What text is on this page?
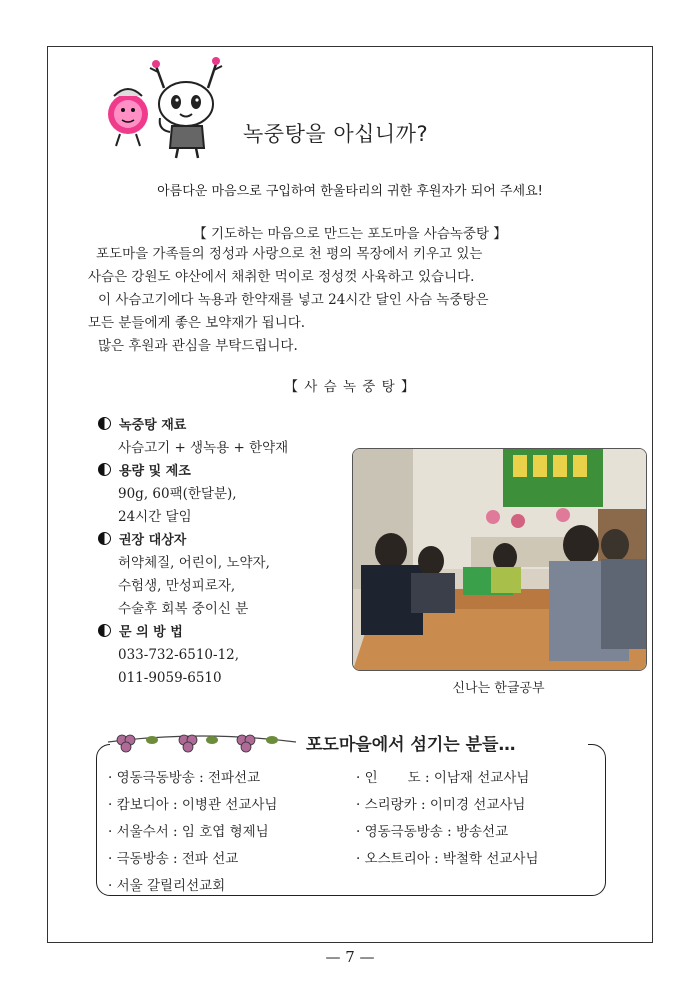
녹중탕을 아십니까?
아름다운 마음으로 구입하여 한울타리의 귀한 후원자가 되어 주세요!
【 기도하는 마음으로 만드는 포도마을 사슴녹중탕 】

포도마을 가족들의 정성과 사랑으로 천 평의 목장에서 키우고 있는

사슴은 강원도 야산에서 채취한 먹이로 정성껏 사육하고 있습니다.

이 사슴고기에다 녹용과 한약재를 넣고 24시간 달인 사슴 녹중탕은

모든 분들에게 좋은 보약재가 됩니다.

많은 후원과 관심을 부탁드립니다.

【 사 슴 녹 중 탕 】
녹중탕 재료
사슴고기 + 생녹용 + 한약재
용량 및 제조
90g, 60팩(한달분),
24시간 달임
권장 대상자
허약체질, 어린이, 노약자,
수험생, 만성피로자,
수술후 회복 중이신 분
문 의 방 법
033-732-6510-12,
011-9059-6510
신나는 한글공부
포도마을에서 섬기는 분들…
· 영동극동방송 : 전파선교
· 캄보디아 : 이병관 선교사님
· 서울수서 : 임 호엽 형제님
· 극동방송 : 전파 선교
· 서울 갈릴리선교회
· 인       도 : 이남재 선교사님
· 스리랑카 : 이미경 선교사님
· 영동극동방송 : 방송선교
· 오스트리아 : 박철학 선교사님
— 7 —
